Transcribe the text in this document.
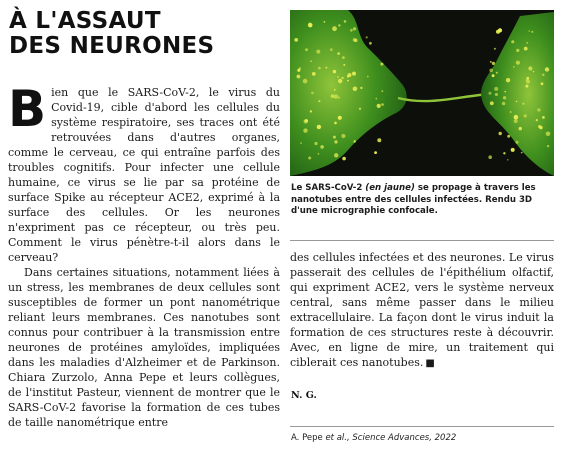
À L'ASSAUT
DES NEURONES

Bien que le SARS-CoV-2, le virus du Covid-19, cible d'abord les cellules du système respiratoire, ses traces ont été retrouvées dans d'autres organes, comme le cerveau, ce qui entraîne parfois des troubles cognitifs. Pour infecter une cellule humaine, ce virus se lie par sa protéine de surface Spike au récepteur ACE2, exprimé à la surface des cellules. Or les neurones n'expriment pas ce récepteur, ou très peu. Comment le virus pénètre-t-il alors dans le cerveau?

Dans certaines situations, notamment liées à un stress, les membranes de deux cellules sont susceptibles de former un pont nanométrique reliant leurs membranes. Ces nanotubes sont connus pour contribuer à la transmission entre neurones de protéines amyloïdes, impliquées dans les maladies d'Alzheimer et de Parkinson. Chiara Zurzolo, Anna Pepe et leurs collègues, de l'institut Pasteur, viennent de montrer que le SARS-CoV-2 favorise la formation de ces tubes de taille nanométrique entre

Le SARS-CoV-2 (en jaune) se propage à travers les nanotubes entre des cellules infectées. Rendu 3D d'une micrographie confocale.

des cellules infectées et des neurones. Le virus passerait des cellules de l'épithélium olfactif, qui expriment ACE2, vers le système nerveux central, sans même passer dans le milieu extracellulaire. La façon dont le virus induit la formation de ces structures reste à découvrir. Avec, en ligne de mire, un traitement qui ciblerait ces nanotubes. ■

N. G.
A. Pepe et al., Science Advances, 2022
